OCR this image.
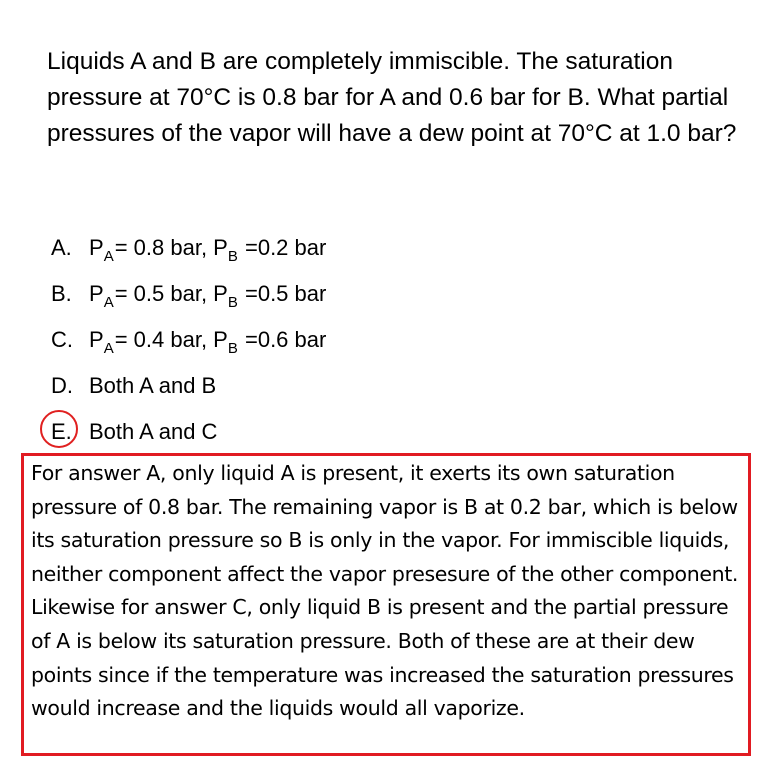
Liquids A and B are completely immiscible. The saturation pressure at 70°C is 0.8 bar for A and 0.6 bar for B. What partial pressures of the vapor will have a dew point at 70°C at 1.0 bar?

A. $P_A= 0.8$ bar, $P_B =0.2$ bar
B. $P_A= 0.5$ bar, $P_B =0.5$ bar
C. $P_A= 0.4$ bar, $P_B =0.6$ bar
D. Both A and B
E. Both A and C
For answer A, only liquid A is present, it exerts its own saturation pressure of 0.8 bar. The remaining vapor is B at 0.2 bar, which is below its saturation pressure so B is only in the vapor. For immiscible liquids, neither component affect the vapor presesure of the other component. Likewise for answer C, only liquid B is present and the partial pressure of A is below its saturation pressure. Both of these are at their dew points since if the temperature was increased the saturation pressures would increase and the liquids would all vaporize.
